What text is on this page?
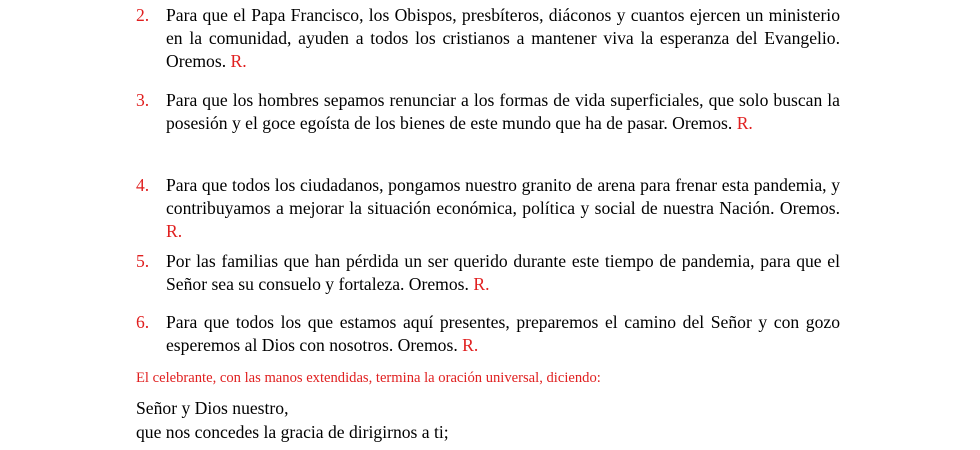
2. Para que el Papa Francisco, los Obispos, presbíteros, diáconos y cuantos ejercen un ministerio en la comunidad, ayuden a todos los cristianos a mantener viva la esperanza del Evangelio. Oremos. R.
3. Para que los hombres sepamos renunciar a los formas de vida superficiales, que solo buscan la posesión y el goce egoísta de los bienes de este mundo que ha de pasar. Oremos. R.
4. Para que todos los ciudadanos, pongamos nuestro granito de arena para frenar esta pandemia, y contribuyamos a mejorar la situación económica, política y social de nuestra Nación. Oremos. R.
5. Por las familias que han pérdida un ser querido durante este tiempo de pandemia, para que el Señor sea su consuelo y fortaleza. Oremos. R.
6. Para que todos los que estamos aquí presentes, preparemos el camino del Señor y con gozo esperemos al Dios con nosotros. Oremos. R.
El celebrante, con las manos extendidas, termina la oración universal, diciendo:
Señor y Dios nuestro,
que nos concedes la gracia de dirigirnos a ti;
